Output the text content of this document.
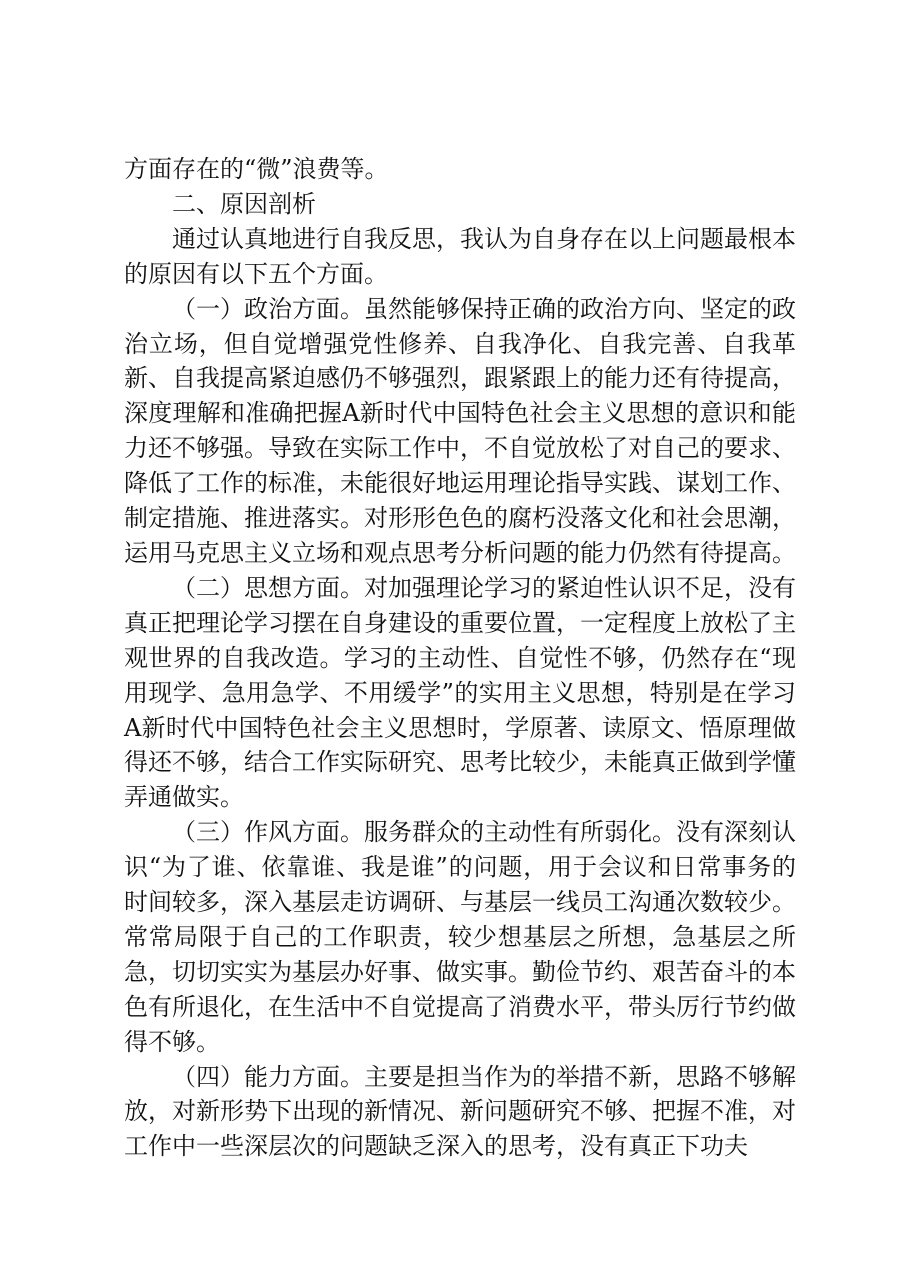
方面存在的“微”浪费等。

二、原因剖析

通过认真地进行自我反思，我认为自身存在以上问题最根本的原因有以下五个方面。

（一）政治方面。虽然能够保持正确的政治方向、坚定的政治立场，但自觉增强党性修养、自我净化、自我完善、自我革新、自我提高紧迫感仍不够强烈，跟紧跟上的能力还有待提高，深度理解和准确把握A新时代中国特色社会主义思想的意识和能力还不够强。导致在实际工作中，不自觉放松了对自己的要求、降低了工作的标准，未能很好地运用理论指导实践、谋划工作、制定措施、推进落实。对形形色色的腐朽没落文化和社会思潮，运用马克思主义立场和观点思考分析问题的能力仍然有待提高。

（二）思想方面。对加强理论学习的紧迫性认识不足，没有真正把理论学习摆在自身建设的重要位置，一定程度上放松了主观世界的自我改造。学习的主动性、自觉性不够，仍然存在“现用现学、急用急学、不用缓学”的实用主义思想，特别是在学习A新时代中国特色社会主义思想时，学原著、读原文、悟原理做得还不够，结合工作实际研究、思考比较少，未能真正做到学懂弄通做实。

（三）作风方面。服务群众的主动性有所弱化。没有深刻认识“为了谁、依靠谁、我是谁”的问题，用于会议和日常事务的时间较多，深入基层走访调研、与基层一线员工沟通次数较少。常常局限于自己的工作职责，较少想基层之所想，急基层之所急，切切实实为基层办好事、做实事。勤俭节约、艰苦奋斗的本色有所退化，在生活中不自觉提高了消费水平，带头厉行节约做得不够。

（四）能力方面。主要是担当作为的举措不新，思路不够解放，对新形势下出现的新情况、新问题研究不够、把握不准，对工作中一些深层次的问题缺乏深入的思考，没有真正下功夫
